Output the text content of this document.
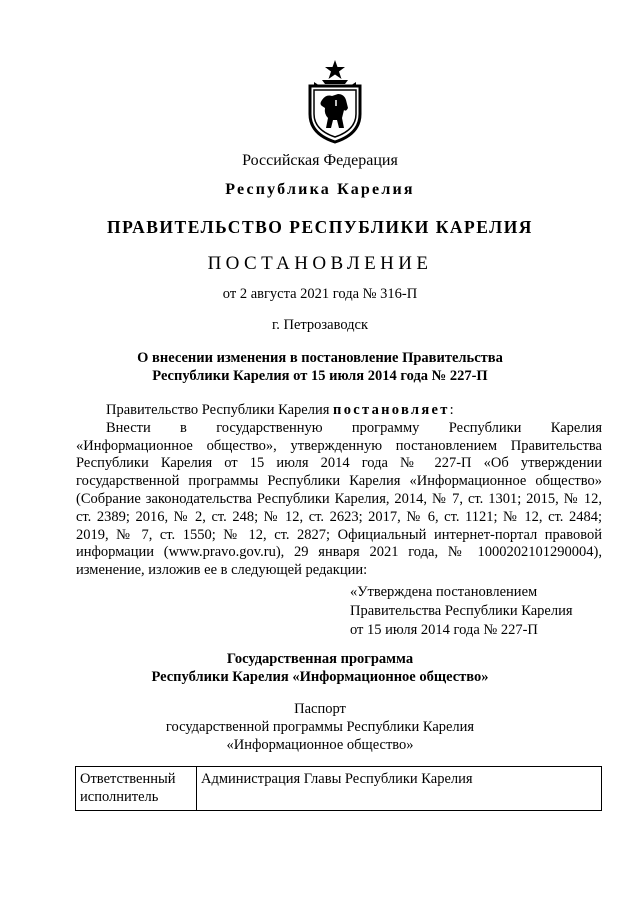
Российская Федерация
Республика Карелия
ПРАВИТЕЛЬСТВО РЕСПУБЛИКИ КАРЕЛИЯ
ПОСТАНОВЛЕНИЕ
от 2 августа 2021 года № 316-П
г. Петрозаводск
О внесении изменения в постановление Правительства
Республики Карелия от 15 июля 2014 года № 227-П
Правительство Республики Карелия постановляет:
Внести в государственную программу Республики Карелия
«Информационное общество», утвержденную постановлением Правительства
Республики Карелия от 15 июля 2014 года № 227-П «Об утверждении
государственной программы Республики Карелия «Информационное общество»
(Собрание законодательства Республики Карелия, 2014, № 7, ст. 1301; 2015, № 12,
ст. 2389; 2016, № 2, ст. 248; № 12, ст. 2623; 2017, № 6, ст. 1121; № 12, ст. 2484;
2019, № 7, ст. 1550; № 12, ст. 2827; Официальный интернет-портал правовой
информации (www.pravo.gov.ru), 29 января 2021 года, № 1000202101290004),
изменение, изложив ее в следующей редакции:
«Утверждена постановлением
Правительства Республики Карелия
от 15 июля 2014 года № 227-П
Государственная программа
Республики Карелия «Информационное общество»
Паспорт
государственной программы Республики Карелия
«Информационное общество»
Ответственный исполнитель	Администрация Главы Республики Карелия
